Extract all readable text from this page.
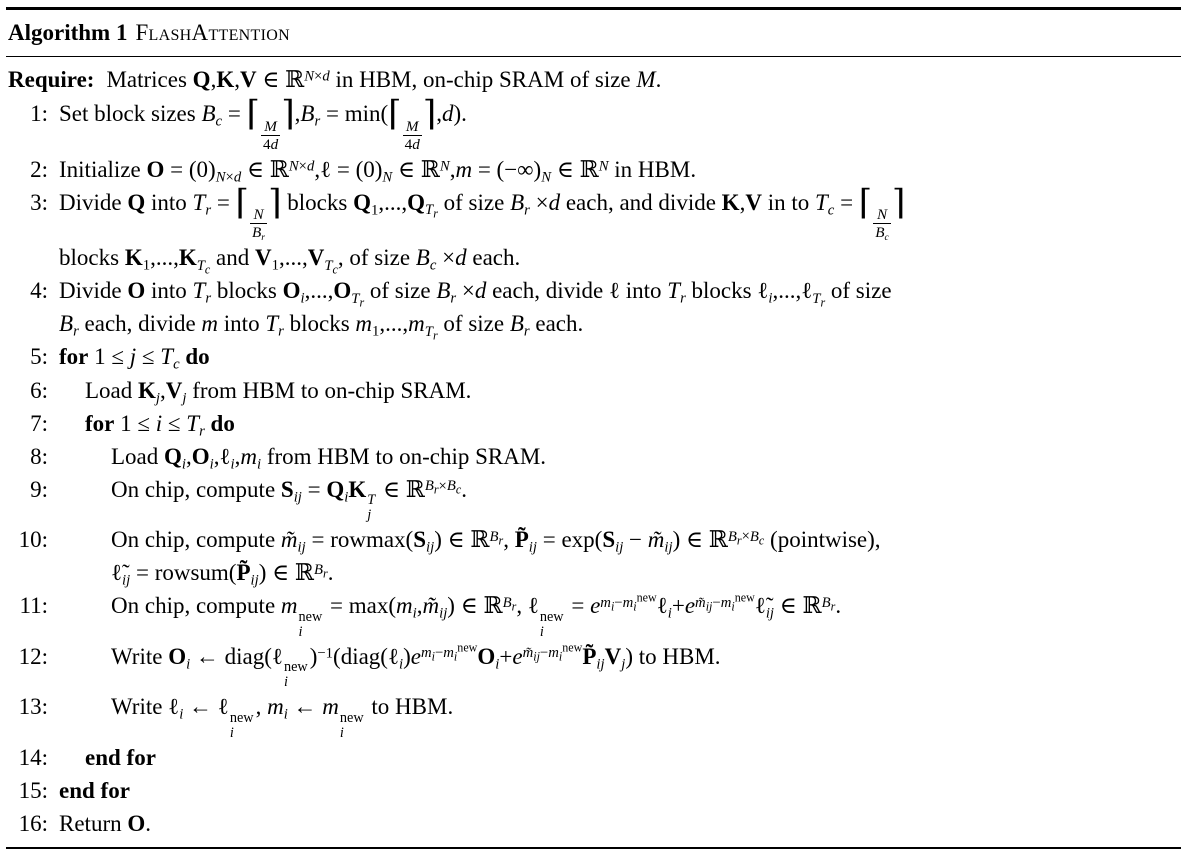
Algorithm 1 FlashAttention
Require: Matrices Q,K,V ∈ ℝ$^{N\times d}$ in HBM, on-chip SRAM of size M.
1: Set block sizes $B_c$ = ⌈
$\frac{M}{4d}$
$⌉,B_r$ = min(⌈
$\frac{M}{4d}$
⌉,d).
2: Initialize $O = (0)_{N\times d}$ ∈ ℝ$^{N\times d}$,ℓ = $(0)_N$ ∈ ℝ$^N$,m = $(-\infty)_N$ ∈ ℝ$^N$ in HBM.
3: Divide Q into $T_r$ = ⌈
$\frac{N}{B_r}$
⌉ blocks $Q_1,...,Q_{T_r}$ of size $B_r \times d$ each, and divide K,V in to $T_c$ = ⌈
$\frac{N}{B_c}$
⌉
blocks $K_1,...,K_{T_c}$ and $V_1,...,V_{T_c}$, of size $B_c \times d$ each.
4: Divide O into $T_r$ blocks $O_i,...,O_{T_r}$ of size $B_r \times d$ each, divide ℓ into $T_r$ blocks ℓ$_i$,...,ℓ$_{T_r}$ of size
$B_r$ each, divide m into $T_r$ blocks $m_1,...,m_{T_r}$ of size $B_r$ each.
5: for $1 \le j \le T_c$ do
6:	Load $K_j,V_j$ from HBM to on-chip SRAM.
7:	for $1 \le i \le T_r$ do
8:	Load $Q_i,O_i,\ell_i,m_i$ from HBM to on-chip SRAM.
9:	On chip, compute $S_{ij} = Q_iK$ T
j
∈ ℝ$^{B_r\times B_c}$.
10:	On chip, compute $m̃_{ij} = rowmax(S_{ij})$ ∈ ℝ$^{B_r}$, $P̃_{ij} = \exp(S_{ij}$ − $m̃_{ij}$) ∈ ℝ$^{B_r\times B_c}$ (pointwise),
$\ell̃_{ij}$ = $rowsum(P̃_{ij})$ ∈ ℝ$^{B_r}$.
11:	On chip, compute m new
i
= $\max(m_i,m̃_{ij})$ ∈ ℝ$^{B_r}$, ℓ new
i
= $e^{m_i-m_i^{new}}\ell_i+e^{m̃_{ij}-m_i^{new}}\ell̃_{ij}$ ∈ ℝ$^{B_r}$.
12:	Write $O_i$ ← diag(ℓ new
i
)$^{-1}(diag(\ell_i)e^{m_i-m_i^{new}}O_i+e^{m̃_{ij}-m_i^{new}}P̃_{ij}V_j)$ to HBM.
13:	Write ℓ$_i$ ← ℓ new
i
, $m_i$ ← m new
i
to HBM.
14:	end for
15: end for
16: Return O.
